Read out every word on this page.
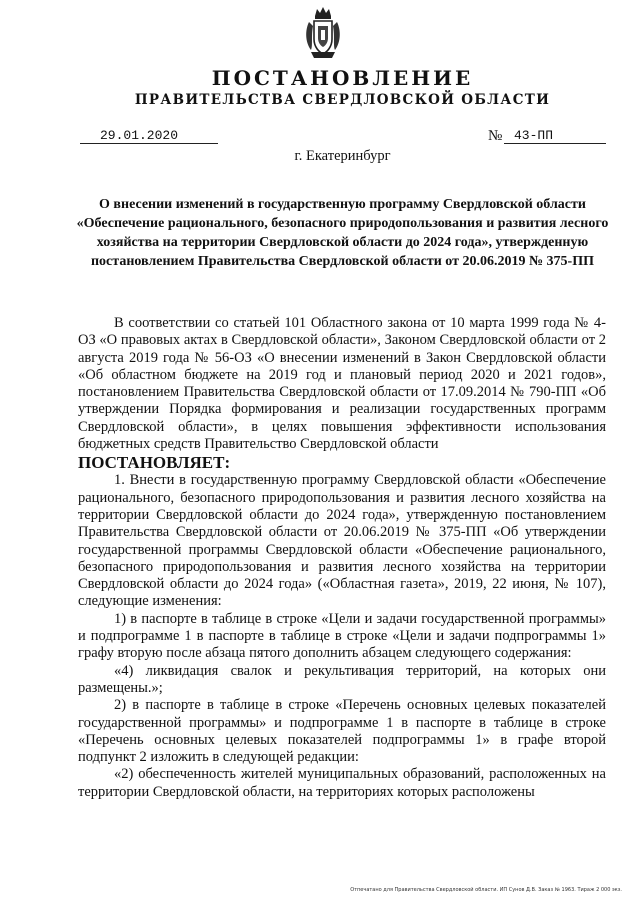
ПОСТАНОВЛЕНИЕ
ПРАВИТЕЛЬСТВА СВЕРДЛОВСКОЙ ОБЛАСТИ
29.01.2020	№ 43-ПП
г. Екатеринбург
О внесении изменений в государственную программу Свердловской области «Обеспечение рационального, безопасного природопользования и развития лесного хозяйства на территории Свердловской области до 2024 года», утвержденную постановлением Правительства Свердловской области от 20.06.2019 № 375-ПП

В соответствии со статьей 101 Областного закона от 10 марта 1999 года № 4-ОЗ «О правовых актах в Свердловской области», Законом Свердловской области от 2 августа 2019 года № 56-ОЗ «О внесении изменений в Закон Свердловской области «Об областном бюджете на 2019 год и плановый период 2020 и 2021 годов», постановлением Правительства Свердловской области от 17.09.2014 № 790-ПП «Об утверждении Порядка формирования и реализации государственных программ Свердловской области», в целях повышения эффективности использования бюджетных средств Правительство Свердловской области

ПОСТАНОВЛЯЕТ:

1. Внести в государственную программу Свердловской области «Обеспечение рационального, безопасного природопользования и развития лесного хозяйства на территории Свердловской области до 2024 года», утвержденную постановлением Правительства Свердловской области от 20.06.2019 № 375-ПП «Об утверждении государственной программы Свердловской области «Обеспечение рационального, безопасного природопользования и развития лесного хозяйства на территории Свердловской области до 2024 года» («Областная газета», 2019, 22 июня, № 107), следующие изменения:

1) в паспорте в таблице в строке «Цели и задачи государственной программы» и подпрограмме 1 в паспорте в таблице в строке «Цели и задачи подпрограммы 1» графу вторую после абзаца пятого дополнить абзацем следующего содержания:

«4) ликвидация свалок и рекультивация территорий, на которых они размещены.»;

2) в паспорте в таблице в строке «Перечень основных целевых показателей государственной программы» и подпрограмме 1 в паспорте в таблице в строке «Перечень основных целевых показателей подпрограммы 1» в графе второй подпункт 2 изложить в следующей редакции:

«2) обеспеченность жителей муниципальных образований, расположенных на территории Свердловской области, на территориях которых расположены

Отпечатано для Правительства Свердловской области. ИП Сунов Д.В. Заказ № 1963. Тираж 2 000 экз.
